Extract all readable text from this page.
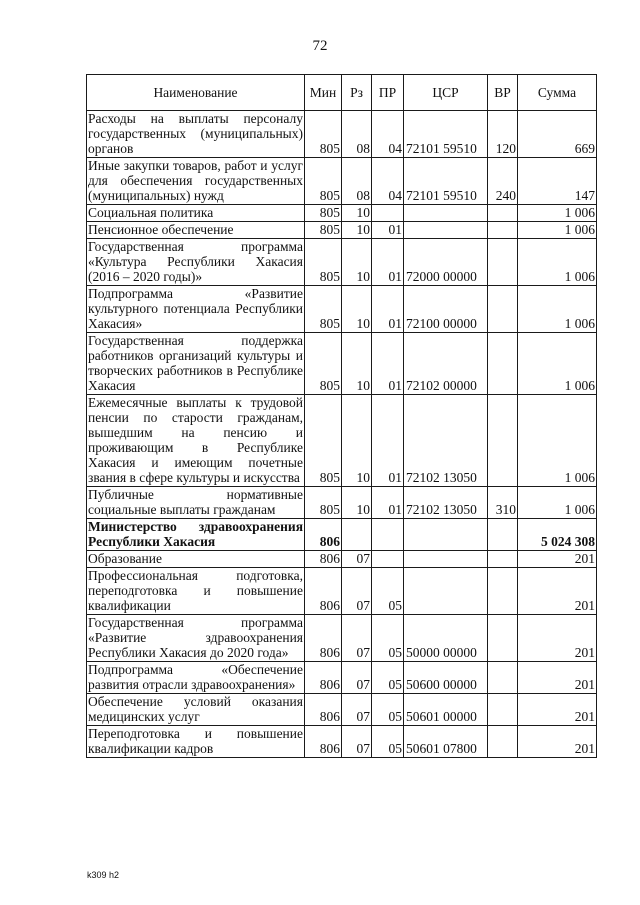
72
Наименование	Мин	Рз	ПР	ЦСР	ВР	Сумма
Расходы на выплаты персоналу государственных (муниципальных) органов	805	08	04	72101 59510	120	669
Иные закупки товаров, работ и услуг для обеспечения государственных (муниципальных) нужд	805	08	04	72101 59510	240	147
Социальная политика	805	10				1 006
Пенсионное обеспечение	805	10	01			1 006
Государственная программа «Культура Республики Хакасия (2016 – 2020 годы)»	805	10	01	72000 00000		1 006
Подпрограмма «Развитие культурного потенциала Республики Хакасия»	805	10	01	72100 00000		1 006
Государственная поддержка работников организаций культуры и творческих работников в Республике Хакасия	805	10	01	72102 00000		1 006
Ежемесячные выплаты к трудовой пенсии по старости гражданам, вышедшим на пенсию и проживающим в Республике Хакасия и имеющим почетные звания в сфере культуры и искусства	805	10	01	72102 13050		1 006
Публичные нормативные социальные выплаты гражданам	805	10	01	72102 13050	310	1 006
Министерство здравоохранения Республики Хакасия	806					5 024 308
Образование	806	07				201
Профессиональная подготовка, переподготовка и повышение квалификации	806	07	05			201
Государственная программа «Развитие здравоохранения Республики Хакасия до 2020 года»	806	07	05	50000 00000		201
Подпрограмма «Обеспечение развития отрасли здравоохранения»	806	07	05	50600 00000		201
Обеспечение условий оказания медицинских услуг	806	07	05	50601 00000		201
Переподготовка и повышение квалификации кадров	806	07	05	50601 07800		201
k309 h2
